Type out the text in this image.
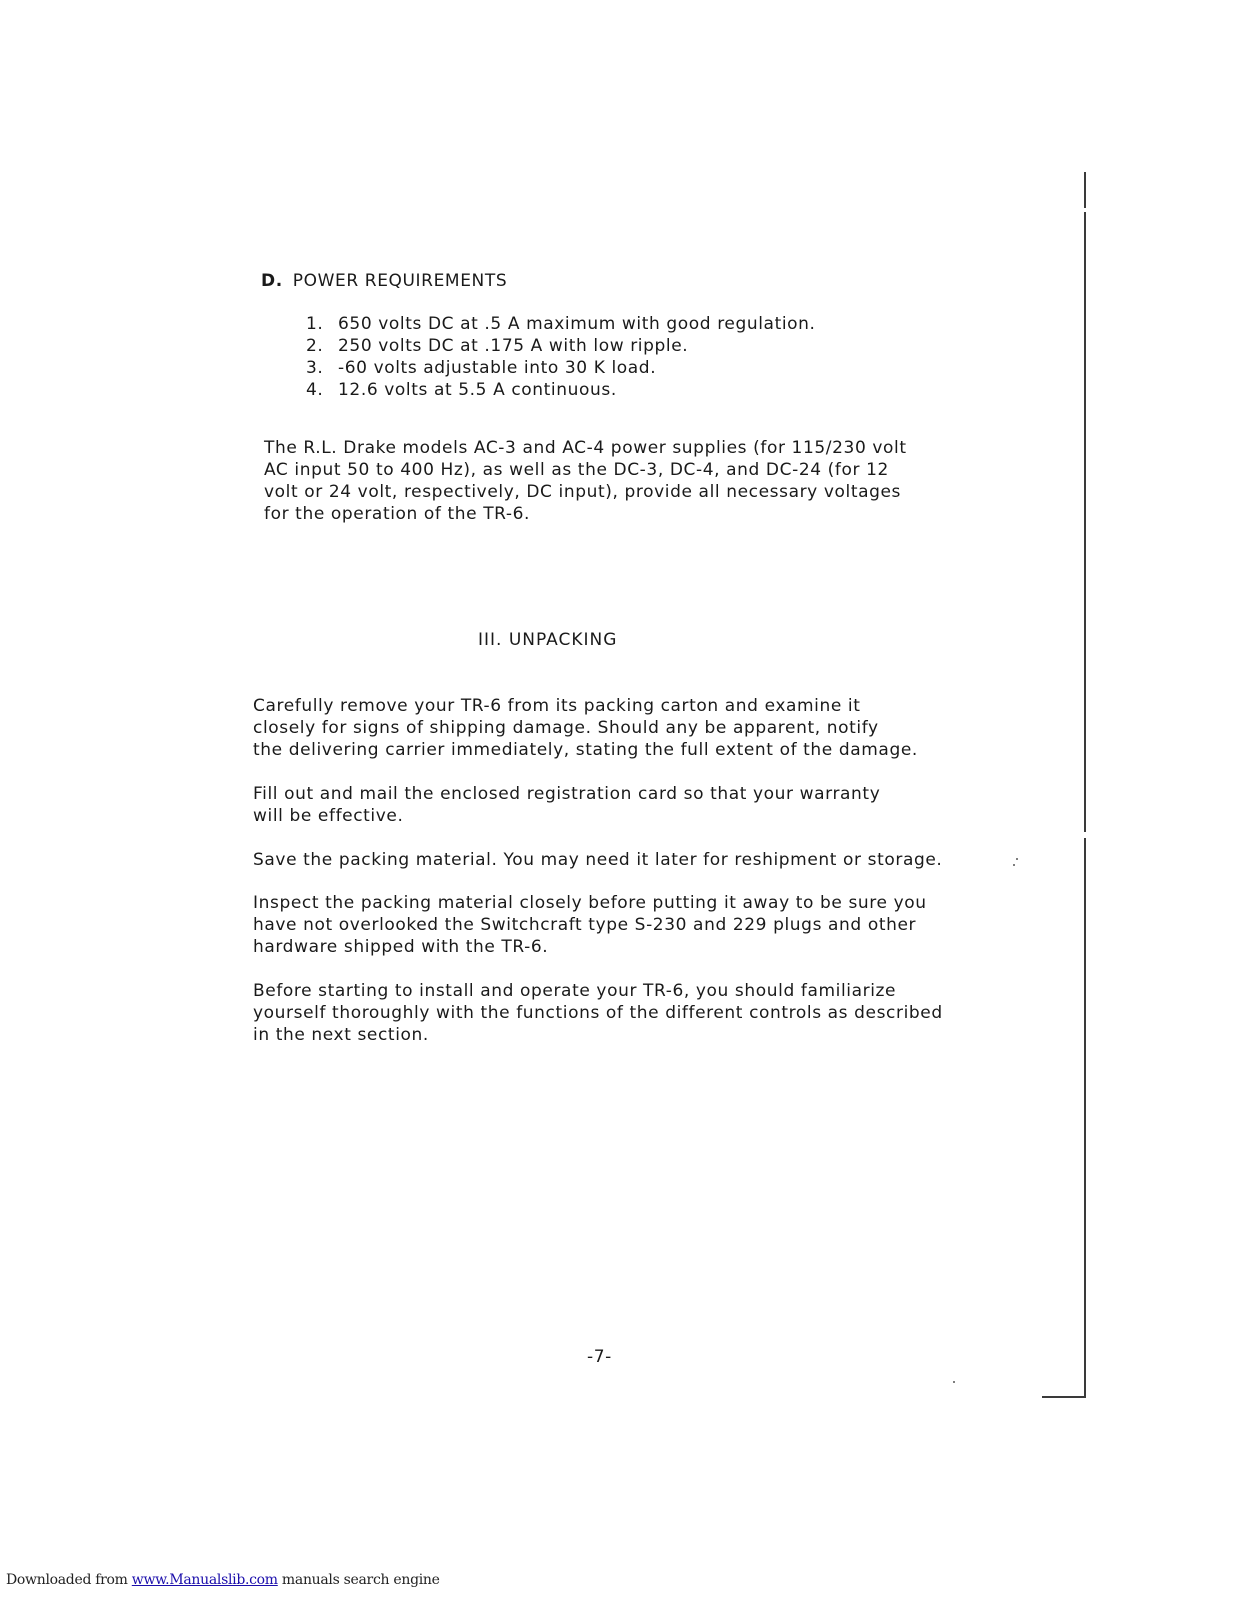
D. POWER REQUIREMENTS
1. 650 volts DC at .5 A maximum with good regulation.
2. 250 volts DC at .175 A with low ripple.
3. -60 volts adjustable into 30 K load.
4. 12.6 volts at 5.5 A continuous.

The R.L. Drake models AC-3 and AC-4 power supplies (for 115/230 volt
AC input 50 to 400 Hz), as well as the DC-3, DC-4, and DC-24 (for 12
volt or 24 volt, respectively, DC input), provide all necessary voltages
for the operation of the TR-6.

III. UNPACKING

Carefully remove your TR-6 from its packing carton and examine it
closely for signs of shipping damage. Should any be apparent, notify
the delivering carrier immediately, stating the full extent of the damage.

Fill out and mail the enclosed registration card so that your warranty
will be effective.

Save the packing material. You may need it later for reshipment or storage.

Inspect the packing material closely before putting it away to be sure you
have not overlooked the Switchcraft type S-230 and 229 plugs and other
hardware shipped with the TR-6.

Before starting to install and operate your TR-6, you should familiarize
yourself thoroughly with the functions of the different controls as described
in the next section.

-7-
Downloaded from www.Manualslib.com manuals search engine
